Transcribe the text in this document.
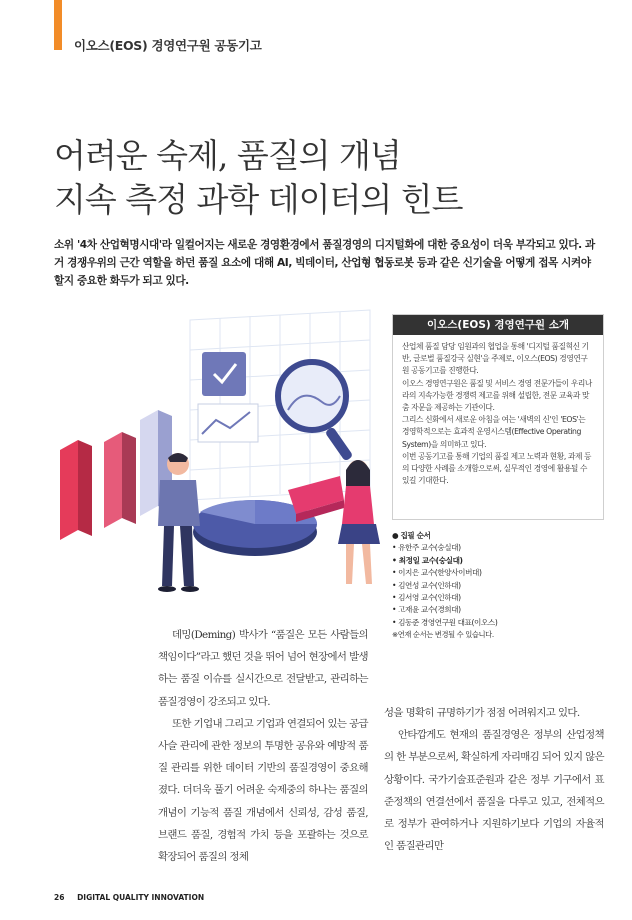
이오스(EOS) 경영연구원 공동기고
어려운 숙제, 품질의 개념
지속 측정 과학 데이터의 힌트

소위 '4차 산업혁명시대'라 일컬어지는 새로운 경영환경에서 품질경영의 디지털화에 대한 중요성이 더욱 부각되고 있다. 과거 경쟁우위의 근간 역할을 하던 품질 요소에 대해 AI, 빅데이터, 산업형 협동로봇 등과 같은 신기술을 어떻게 접목 시켜야 할지 중요한 화두가 되고 있다.

이오스(EOS) 경영연구원 소개

산업체 품질 담당 임원과의 협업을 통해 '디지털 품질혁신 기반, 글로벌 품질강국 실현'을 주제로, 이오스(EOS) 경영연구원 공동기고를 진행한다.

이오스 경영연구원은 품질 및 서비스 경영 전문가들이 우리나라의 지속가능한 경쟁력 제고를 위해 설립한, 전문 교육과 맞춤 자문을 제공하는 기관이다.

그리스 신화에서 새로운 아침을 여는 '새벽의 신'인 'EOS'는 경영학적으로는 효과적 운영시스템(Effective Operating System)을 의미하고 있다.

이번 공동기고를 통해 기업의 품질 제고 노력과 현황, 과제 등의 다양한 사례를 소개함으로써, 실무적인 경영에 활용될 수 있길 기대한다.

● 집필 순서
• 유한주 교수(숭실대)
• 최정일 교수(숭실대)
• 이지은 교수(한양사이버대)
• 김연성 교수(인하대)
• 김서영 교수(인하대)
• 고재윤 교수(경희대)
• 김동준 경영연구원 대표(이오스)
※연재 순서는 변경될 수 있습니다.

데밍(Deming) 박사가 “품질은 모든 사람들의 책임이다”라고 했던 것을 뛰어 넘어 현장에서 발생하는 품질 이슈를 실시간으로 전달받고, 관리하는 품질경영이 강조되고 있다.

또한 기업내 그리고 기업과 연결되어 있는 공급사슬 관리에 관한 정보의 투명한 공유와 예방적 품질 관리를 위한 데이터 기반의 품질경영이 중요해졌다. 더더욱 풀기 어려운 숙제중의 하나는 품질의 개념이 기능적 품질 개념에서 신뢰성, 감성 품질, 브랜드 품질, 경험적 가치 등을 포괄하는 것으로 확장되어 품질의 정체

성을 명확히 규명하기가 점점 어려워지고 있다.

안타깝게도 현재의 품질경영은 정부의 산업정책의 한 부분으로써, 확실하게 자리매김 되어 있지 않은 상황이다. 국가기술표준원과 같은 정부 기구에서 표준정책의 연결선에서 품질을 다루고 있고, 전체적으로 정부가 관여하거나 지원하기보다 기업의 자율적인 품질관리만

26 DIGITAL QUALITY INNOVATION
